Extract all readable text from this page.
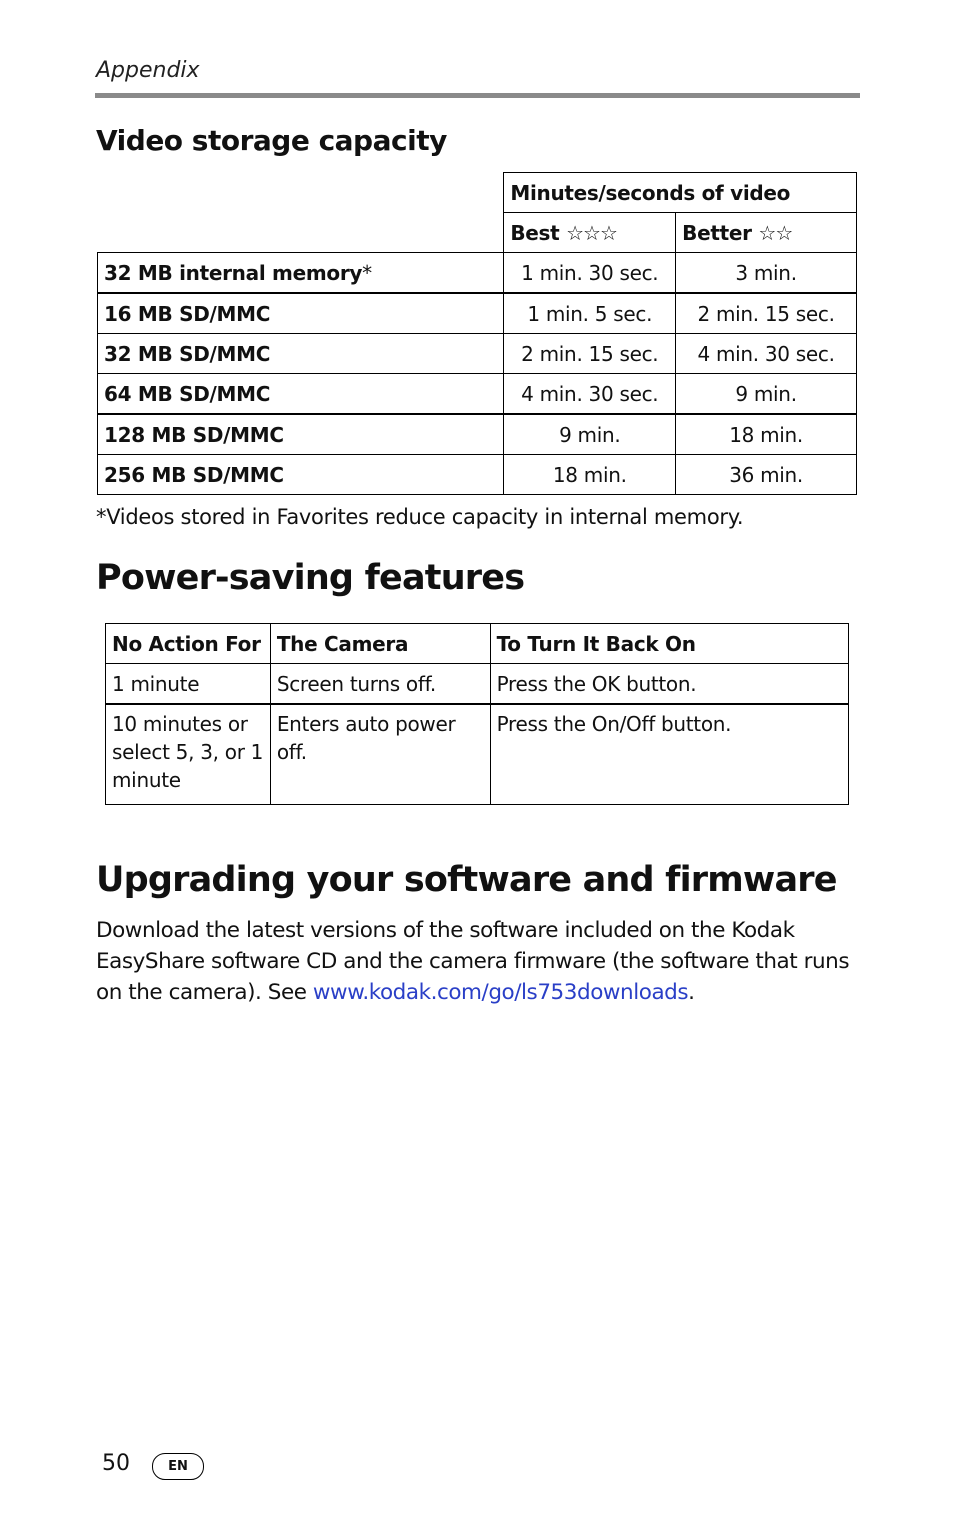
Appendix
Video storage capacity
	Minutes/seconds of video	
	Best ☆☆☆	Better ☆☆
32 MB internal memory*	1 min. 30 sec.	3 min.
16 MB SD/MMC	1 min. 5 sec.	2 min. 15 sec.
32 MB SD/MMC	2 min. 15 sec.	4 min. 30 sec.
64 MB SD/MMC	4 min. 30 sec.	9 min.
128 MB SD/MMC	9 min.	18 min.
256 MB SD/MMC	18 min.	36 min.
*Videos stored in Favorites reduce capacity in internal memory.
Power-saving features
No Action For	The Camera	To Turn It Back On
1 minute	Screen turns off.	Press the OK button.
10 minutes or select 5, 3, or 1 minute	Enters auto power off.	Press the On/Off button.
Upgrading your software and firmware
Download the latest versions of the software included on the Kodak EasyShare software CD and the camera firmware (the software that runs on the camera). See www.kodak.com/go/ls753downloads.
50	EN
